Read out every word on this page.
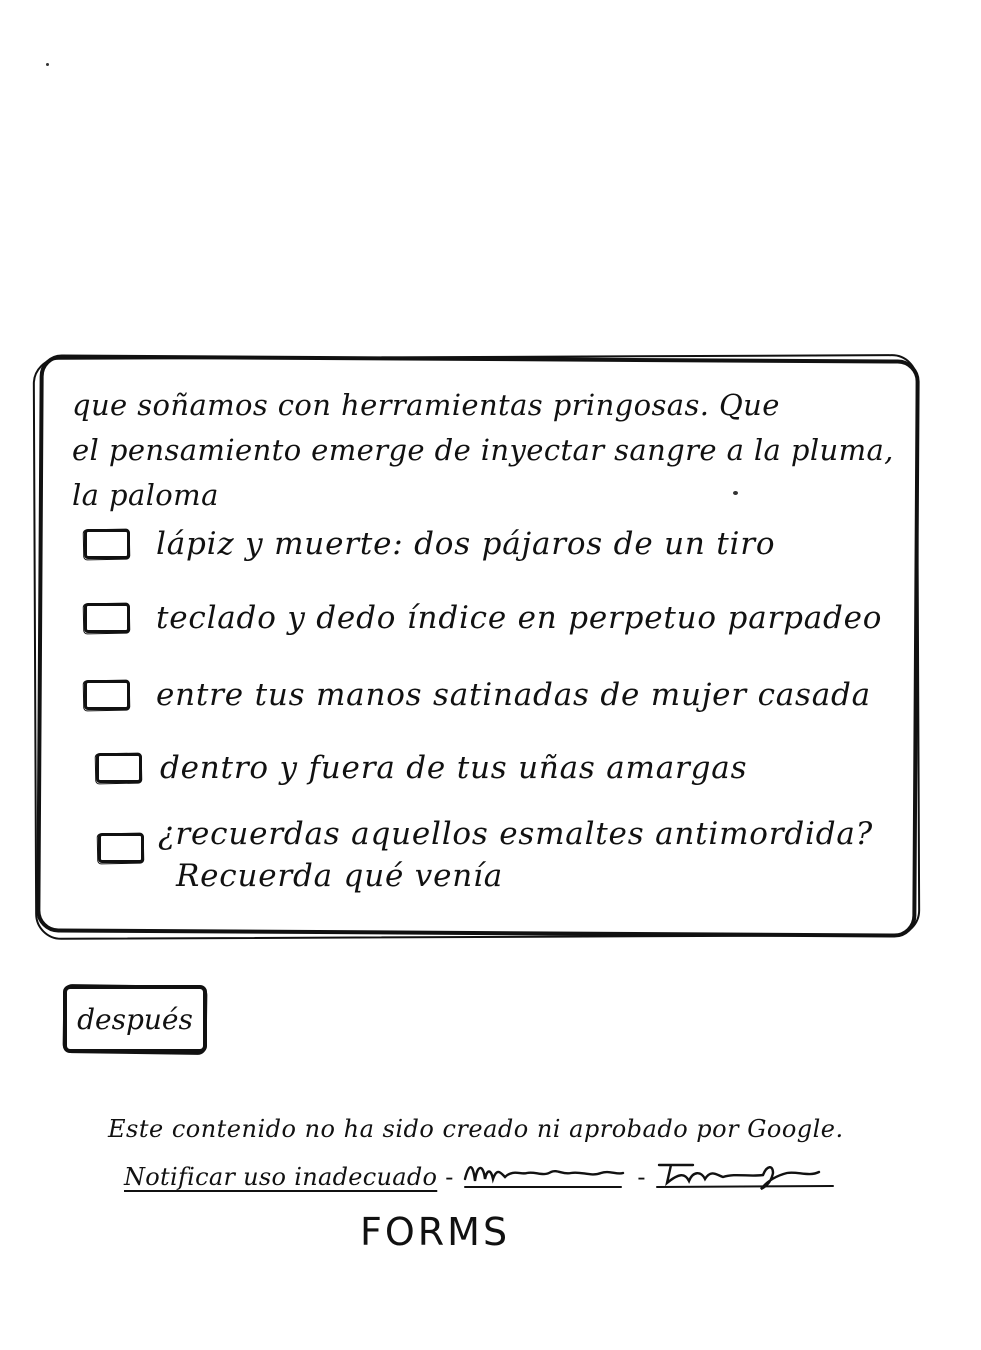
que soñamos con herramientas pringosas. Que
el pensamiento emerge de inyectar sangre a la pluma,
la paloma
lápiz y muerte: dos pájaros de un tiro
teclado y dedo índice en perpetuo parpadeo
entre tus manos satinadas de mujer casada
dentro y fuera de tus uñas amargas
¿recuerdas aquellos esmaltes antimordida?
Recuerda qué venía
después
Este contenido no ha sido creado ni aprobado por Google.
Notificar uso inadecuado -	-
FORMS
